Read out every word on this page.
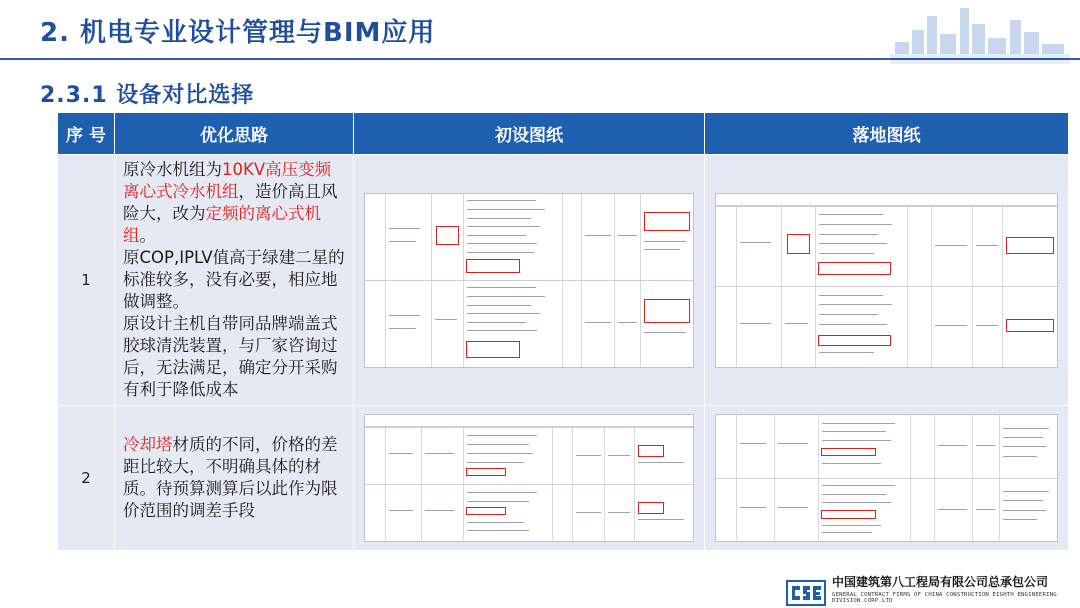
2. 机电专业设计管理与BIM应用
2.3.1 设备对比选择
序 号	优化思路	初设图纸	落地图纸
1	原冷水机组为10KV高压变频离心式冷水机组，造价高且风险大，改为定频的离心式机组。
原COP,IPLV值高于绿建二星的标准较多，没有必要，相应地做调整。
原设计主机自带同品牌端盖式胶球清洗装置，与厂家咨询过后，无法满足，确定分开采购有利于降低成本	

2	冷却塔材质的不同，价格的差距比较大，不明确具体的材质。待预算测算后以此作为限价范围的调差手段	

中国建筑第八工程局有限公司总承包公司
GENERAL CONTRACT FIRMS OF CHINA CONSTRUCTION EIGHTH ENGINEERING DIVISION.CORP.LTD
